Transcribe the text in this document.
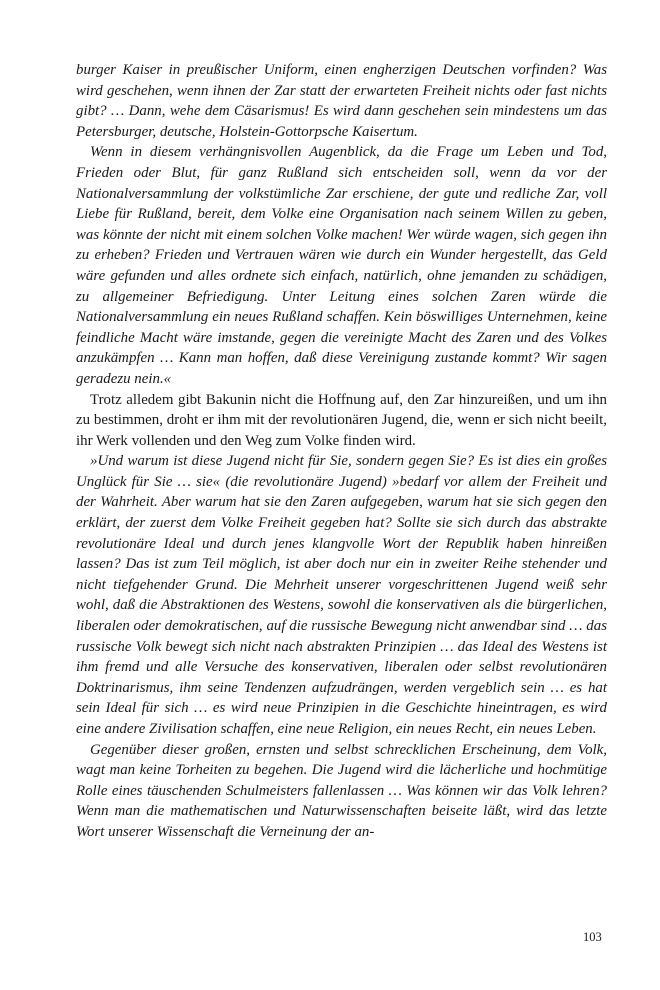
burger Kaiser in preußischer Uniform, einen engherzigen Deutschen vorfinden? Was wird geschehen, wenn ihnen der Zar statt der erwarteten Freiheit nichts oder fast nichts gibt? … Dann, wehe dem Cäsarismus! Es wird dann geschehen sein mindestens um das Petersburger, deutsche, Holstein-Gottorpsche Kaisertum.

Wenn in diesem verhängnisvollen Augenblick, da die Frage um Leben und Tod, Frieden oder Blut, für ganz Rußland sich entscheiden soll, wenn da vor der Nationalversammlung der volkstümliche Zar erschiene, der gute und redliche Zar, voll Liebe für Rußland, bereit, dem Volke eine Organisation nach seinem Willen zu geben, was könnte der nicht mit einem solchen Volke machen! Wer würde wagen, sich gegen ihn zu erheben? Frieden und Vertrauen wären wie durch ein Wunder hergestellt, das Geld wäre gefunden und alles ordnete sich einfach, natürlich, ohne jemanden zu schädigen, zu allgemeiner Befriedigung. Unter Leitung eines solchen Zaren würde die Nationalversammlung ein neues Rußland schaffen. Kein böswilliges Unternehmen, keine feindliche Macht wäre imstande, gegen die vereinigte Macht des Zaren und des Volkes anzukämpfen … Kann man hoffen, daß diese Vereinigung zustande kommt? Wir sagen geradezu nein.«

Trotz alledem gibt Bakunin nicht die Hoffnung auf, den Zar hinzureißen, und um ihn zu bestimmen, droht er ihm mit der revolutionären Jugend, die, wenn er sich nicht beeilt, ihr Werk vollenden und den Weg zum Volke finden wird.

»Und warum ist diese Jugend nicht für Sie, sondern gegen Sie? Es ist dies ein großes Unglück für Sie … sie« (die revolutionäre Jugend) »bedarf vor allem der Freiheit und der Wahrheit. Aber warum hat sie den Zaren aufgegeben, warum hat sie sich gegen den erklärt, der zuerst dem Volke Freiheit gegeben hat? Sollte sie sich durch das abstrakte revolutionäre Ideal und durch jenes klangvolle Wort der Republik haben hinreißen lassen? Das ist zum Teil möglich, ist aber doch nur ein in zweiter Reihe stehender und nicht tiefgehender Grund. Die Mehrheit unserer vorgeschrittenen Jugend weiß sehr wohl, daß die Abstraktionen des Westens, sowohl die konservativen als die bürgerlichen, liberalen oder demokratischen, auf die russische Bewegung nicht anwendbar sind … das russische Volk bewegt sich nicht nach abstrakten Prinzipien … das Ideal des Westens ist ihm fremd und alle Versuche des konservativen, liberalen oder selbst revolutionären Doktrinarismus, ihm seine Tendenzen aufzudrängen, werden vergeblich sein … es hat sein Ideal für sich … es wird neue Prinzipien in die Geschichte hineintragen, es wird eine andere Zivilisation schaffen, eine neue Religion, ein neues Recht, ein neues Leben.

Gegenüber dieser großen, ernsten und selbst schrecklichen Erscheinung, dem Volk, wagt man keine Torheiten zu begehen. Die Jugend wird die lächerliche und hochmütige Rolle eines täuschenden Schulmeisters fallenlassen … Was können wir das Volk lehren? Wenn man die mathematischen und Naturwissenschaften beiseite läßt, wird das letzte Wort unserer Wissenschaft die Verneinung der an-

103
